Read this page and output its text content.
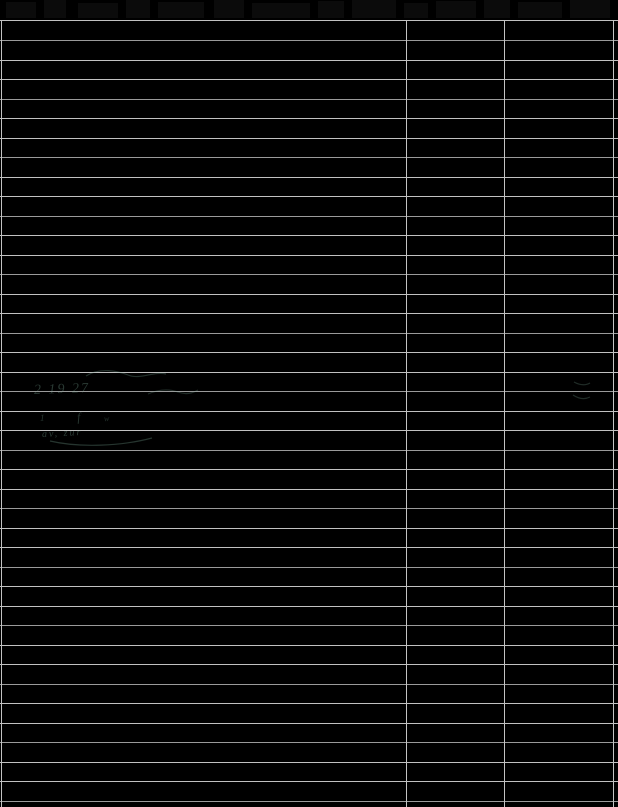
2 19 27
1 f	w
av, zur
